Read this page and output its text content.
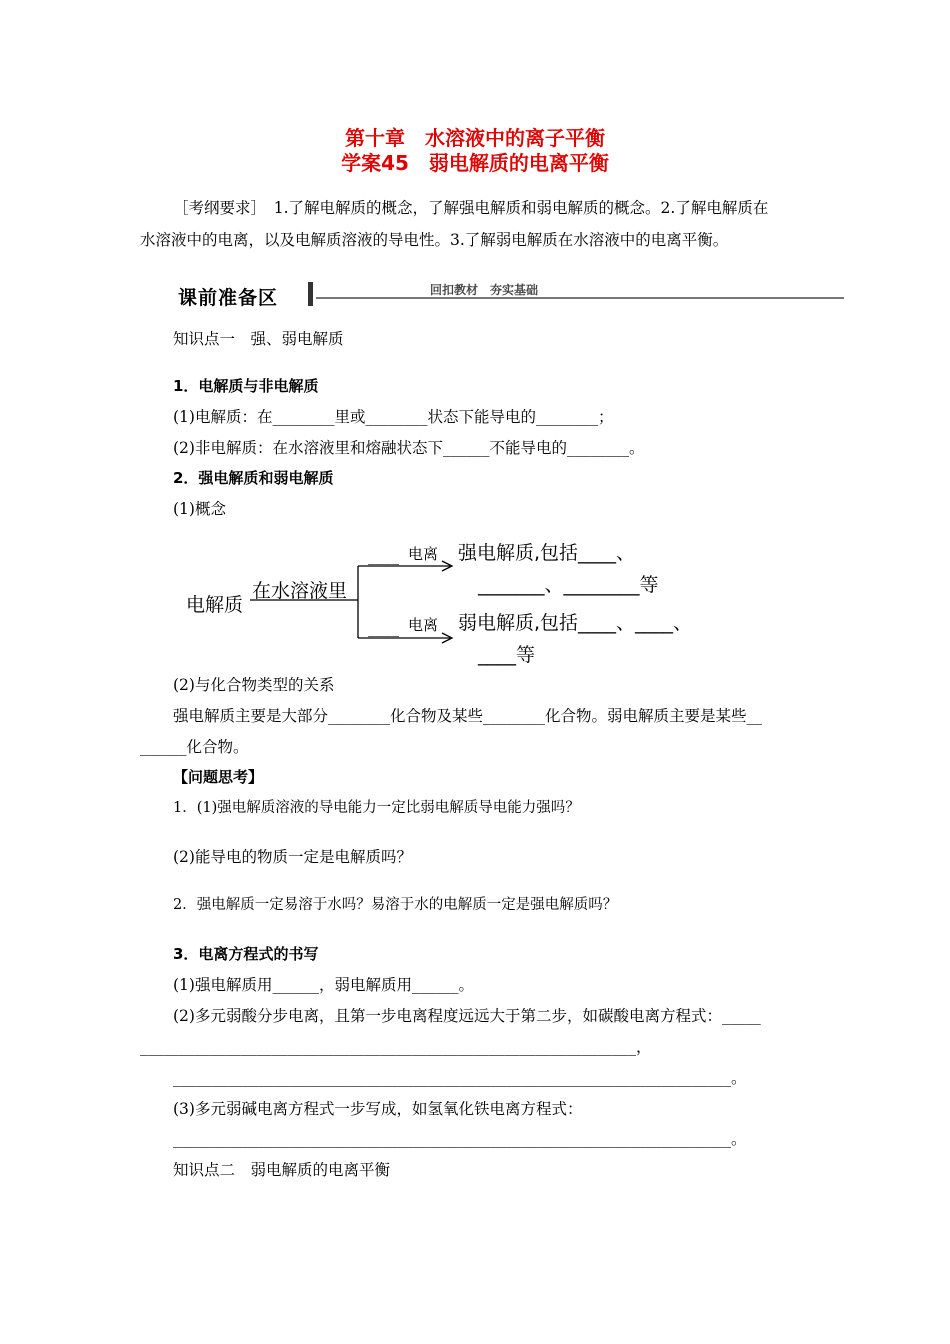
第十章　水溶液中的离子平衡
学案45　弱电解质的电离平衡
［考纲要求］　1.了解电解质的概念，了解强电解质和弱电解质的概念。2.了解电解质在
水溶液中的电离，以及电解质溶液的导电性。3.了解弱电解质在水溶液中的电离平衡。
课前准备区	回扣教材　夯实基础
知识点一　强、弱电解质
1．电解质与非电解质
(1)电解质：在________里或________状态下能导电的________；
(2)非电解质：在水溶液里和熔融状态下______不能导电的________。
2．强电解质和弱电解质
(1)概念
电解质
在水溶液里
____ 电离 强电解质,包括____、
_______、________等
____ 电离 弱电解质,包括____、____、
____等
(2)与化合物类型的关系
强电解质主要是大部分________化合物及某些________化合物。弱电解质主要是某些__
______化合物。
【问题思考】
1．(1)强电解质溶液的导电能力一定比弱电解质导电能力强吗？
(2)能导电的物质一定是电解质吗？
2．强电解质一定易溶于水吗？易溶于水的电解质一定是强电解质吗？
3．电离方程式的书写
(1)强电解质用______，弱电解质用______。
(2)多元弱酸分步电离，且第一步电离程度远远大于第二步，如碳酸电离方程式：_____
________________________________________________________________，
________________________________________________________________________。
(3)多元弱碱电离方程式一步写成，如氢氧化铁电离方程式：
________________________________________________________________________。
知识点二　弱电解质的电离平衡
